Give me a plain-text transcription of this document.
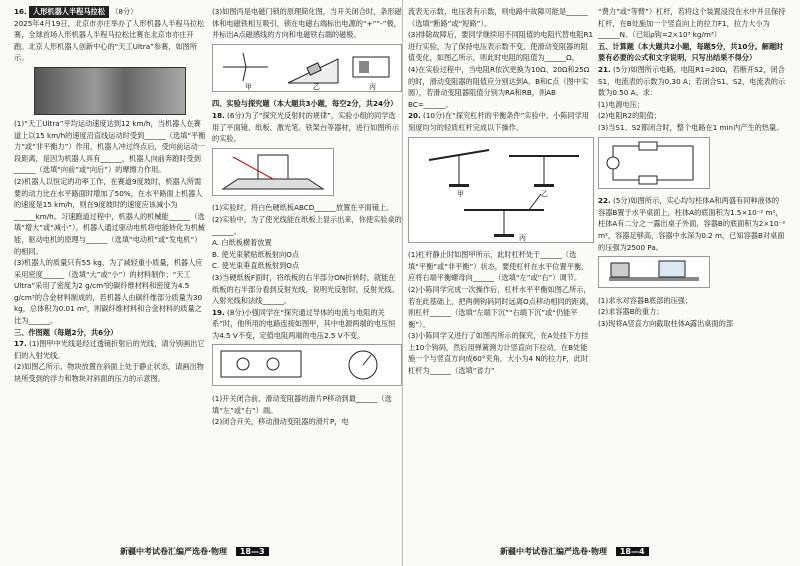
16. 人形机器人半程马拉松 （8分）

2025年4月19日，北京市亦庄举办了人形机器人半程马拉松赛，全球首场人形机器人半程马拉松比赛在北京市亦庄开跑。北京人形机器人创新中心的“天工Ultra”参赛，如图所示。

(1)“天工Ultra”平均运动速度达到12 km/h，当机器人在赛道上以15 km/h的速度沿直线运动时受到______（选填“平衡力”或“非平衡力”）作用，机器人冲过终点后，受向前运动一段距离，是因为机器人具有______，机器人向前奔跑时受到______（选填“向前”或“向后”）的摩擦力作用。

(2)机器人以恒定的功率工作，在赛道9度坡时，机器人所需要的动力比在水平路面时增加了50%，在水平路面上机器人的速度是15 km/h，则在9度坡时的速度应该减小为______km/h。习速跑道过程中，机器人的机械能______（选填“增大”或“减小”），机器人通过驱动电机将电能转化为机械能，驱动电机的原理与______（选填“电动机”或“发电机”）的相同。

(3)机器人的质量只有55 kg，为了减轻重小质量，机器人应采用密度______（选填“大”或“小”）的材料制作；“天工Ultra”采用了密度为2 g/cm³的碳纤维材料和密度为4.5 g/cm³的合金材料制成的，若机器人由碳纤维部分质量为30 kg，总体积为0.01 m³，则碳纤维材料和合金材料的质量之比为______。

三、作图题（每题2分，共6分）

17. (1)图甲中光线是经过透镜折射后的光线，请分别画出它们的入射光线。

(2)如图乙所示，物块放置在斜面上处于静止状态，请画出物块所受到的浮力和物块对斜面的压力的示意图。

(3)如图丙是电磁门锁的原理简化图，当开关闭合时，条形磁体和电磁铁相互吸引，锁在电磁右端标出电源的“+”“-”极，并标出A点磁感线的方向和电磁铁右端的磁极。

甲	乙	丙

四、实验与探究题（本大题共3小题，每空2分，共24分）

18. (6分)为了“探究光反射时的规律”，实验小组的同学选用了平面镜、纸板、激光笔、铁架台等器材，进行如图所示的实验。

(1)实验时，将白色硬纸板ABCD______放置在平面镜上。

(2)实验中，为了使光线能在纸板上显示出来，你使实验桌的______。

A. 白纸板横着放置

B. 使光束紧贴纸板射向O点

C. 使光束垂直纸板射到O点

(3)当硬纸板F面时，将纸板的右半部分ON折转时，就能在纸板的右半部分看到反射光线，说明光反射时，反射光线、入射光线和法线______。

19. (8分)小强同学在“探究通过导体的电流与电阻的关系”时，他所用的电路连接如图甲，其中电源两端的电压恒为4.5 V不变，定值电阻两端的电压2.5 V不变。

(1)开关闭合前，滑动变阻器的滑片P移动到最______（选填“左”或“右”）端。

(2)闭合开关，移动滑动变阻器的滑片P，电

流表无示数，电压表有示数，则电路中故障可能是______（选填“断路”或“短路”）。

(3)排除故障后，要同学继续用不同阻值的电阻代替电阻R1进行实验，为了保持电压表示数不变，使滑动变阻器的阻值变化，如图乙所示，则此时电阻的阻值为______Ω。

(4)在实验过程中，当电阻R依次更换为10Ω、20Ω和25Ω的时，滑动变阻器的阻值应分别达到A、B和C点（图中实圆），若滑动变阻器阻值分别为RA和RB，则AB BC=______。

20. (10分)在“探究杠杆的平衡条件”实验中，小陈同学用刻度均匀的轻质杠杆完成以下操作。

甲	乙
丙

(1)杠杆静止时如图甲所示，此时杠杆处于______（选填“平衡”或“非平衡”）状态，要使杠杆在水平位置平衡，应将右端平衡螺母向______（选填“左”或“右”）调节。

(2)小陈同学完成一次操作后，杠杆水平平衡如图乙所示，若在此基础上，把两侧钩码同时远离O点移动相同的距离，则杠杆______（选填“左端下沉”“右端下沉”或“仍能平衡”）。

(3)小陈同学又进行了如图丙所示的探究，在A处挂下方挂上10个钩码，然后用弹簧测力计竖直向下拉动，在B处能施一个与竖直方向成60°夹角，大小为4 N的拉力F，此时杠杆为______（选填“省力”

“费力”或“等臂”）杠杆，若将这个装置浸没在水中并且保持杠杆，在B处施加一个竖直向上的拉力F1，拉力大小为______N。（已知ρ钩=2×10³ kg/m³）

五、计算题（本大题共2小题，每题5分，共10分。解题时要有必要的公式和文字说明，只写出结果不得分）

21. (5分)如图所示电路，电阻R1=20Ω，若断开S2，闭合S1，电流表的示数为0.30 A；若闭合S1、S2，电流表的示数为0.50 A。求：

(1)电源电压；

(2)电阻R2的阻值；

(3)当S1、S2都闭合时，整个电路在1 min内产生的热量。

22. (5分)如图所示，实心均匀柱体A和两盛有同种液体的容器B置于水平桌面上，柱体A的底面积为1.5×10⁻² m²，柱体A有二分之一露出桌子外面，容器B的底面积为2×10⁻² m²，容器足够高，容器中水深为0.2 m，已知容器B对桌面的压强为2500 Pa。

(1)求水对容器B底部的压强；

(2)求容器B的重力；

(3)现将A竖直方向截取柱体A露出桌面的部

新疆中考试卷汇编严选卷·物理 18—3	新疆中考试卷汇编严选卷·物理 18—4
